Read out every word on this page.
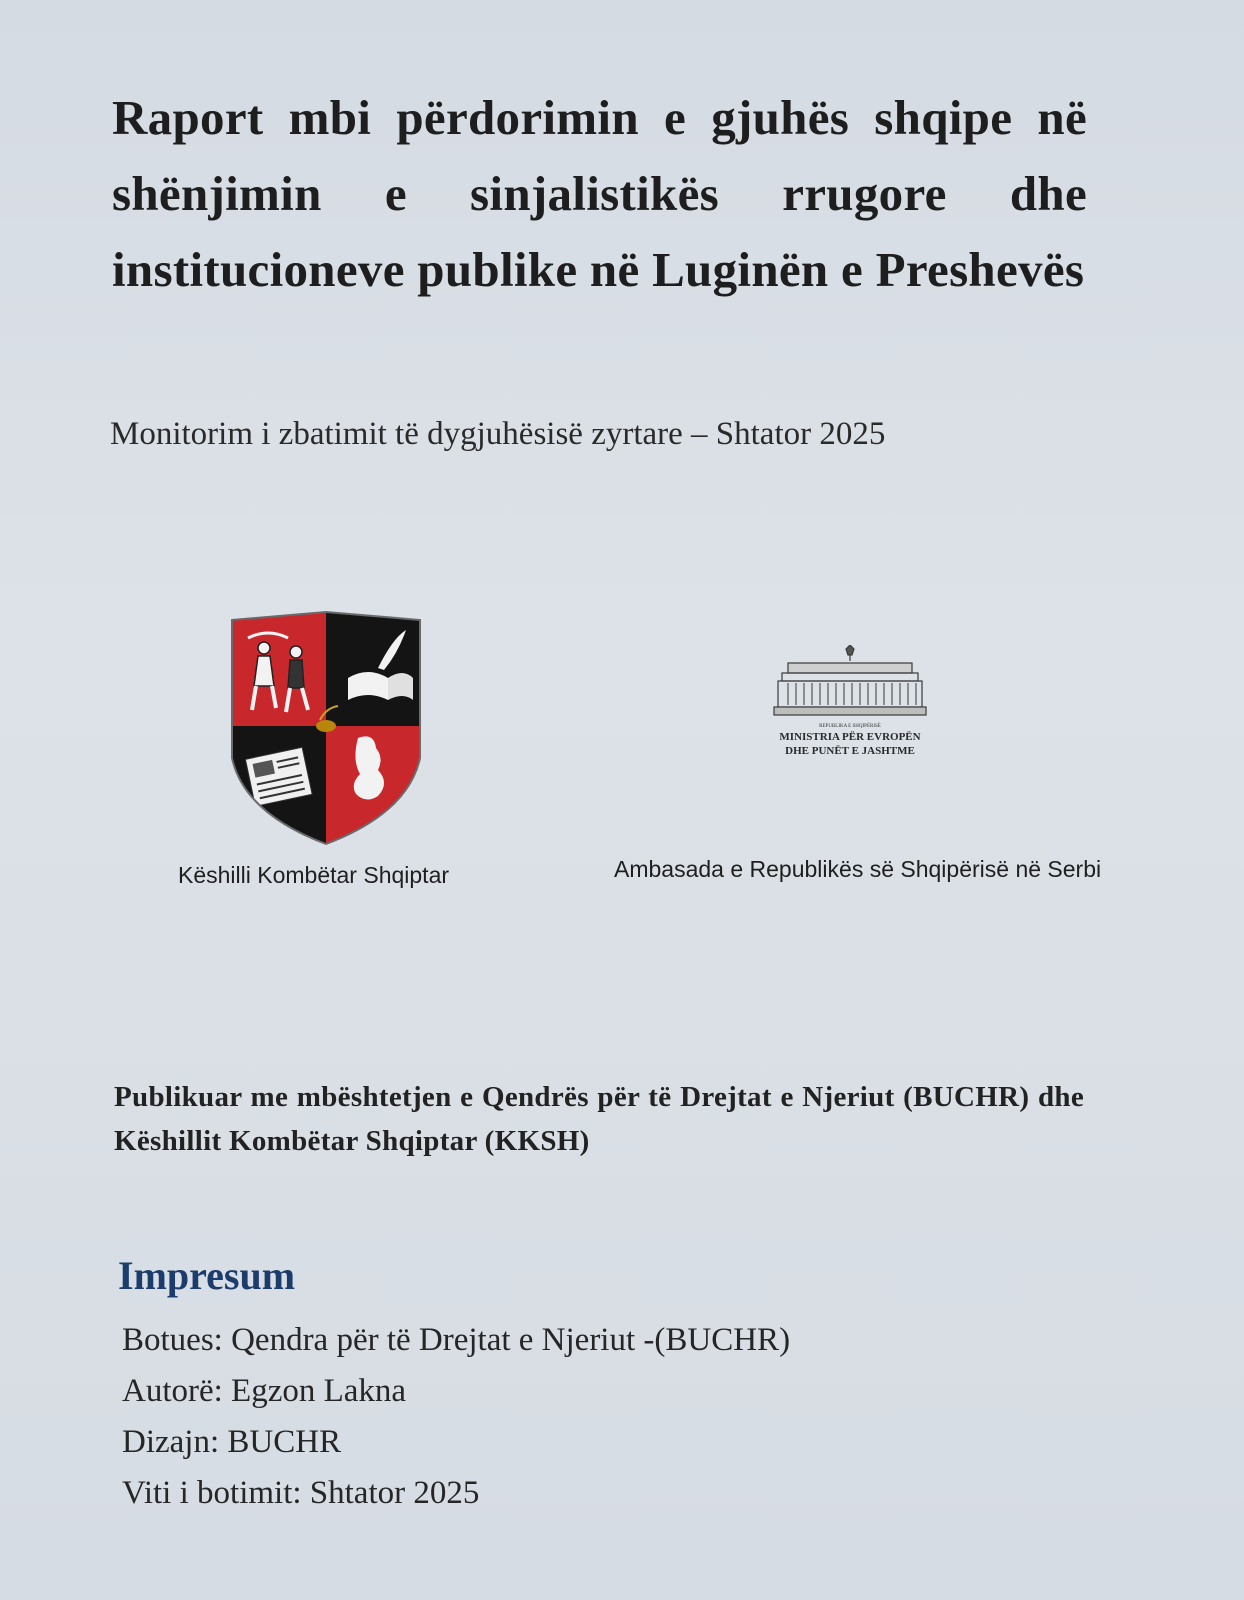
Raport mbi përdorimin e gjuhës shqipe në shënjimin e sinjalistikës rrugore dhe institucioneve publike në Luginën e Preshevës

Monitorim i zbatimit të dygjuhësisë zyrtare – Shtator 2025

Këshilli Kombëtar Shqiptar

REPUBLIKA E SHQIPËRISË
MINISTRIA PËR EVROPËN
DHE PUNËT E JASHTME

Ambasada e Republikës së Shqipërisë në Serbi

Publikuar me mbështetjen e Qendrës për të Drejtat e Njeriut (BUCHR) dhe Këshillit Kombëtar Shqiptar (KKSH)

Impresum
Botues: Qendra për të Drejtat e Njeriut -(BUCHR)
Autorë: Egzon Lakna
Dizajn: BUCHR
Viti i botimit: Shtator 2025
